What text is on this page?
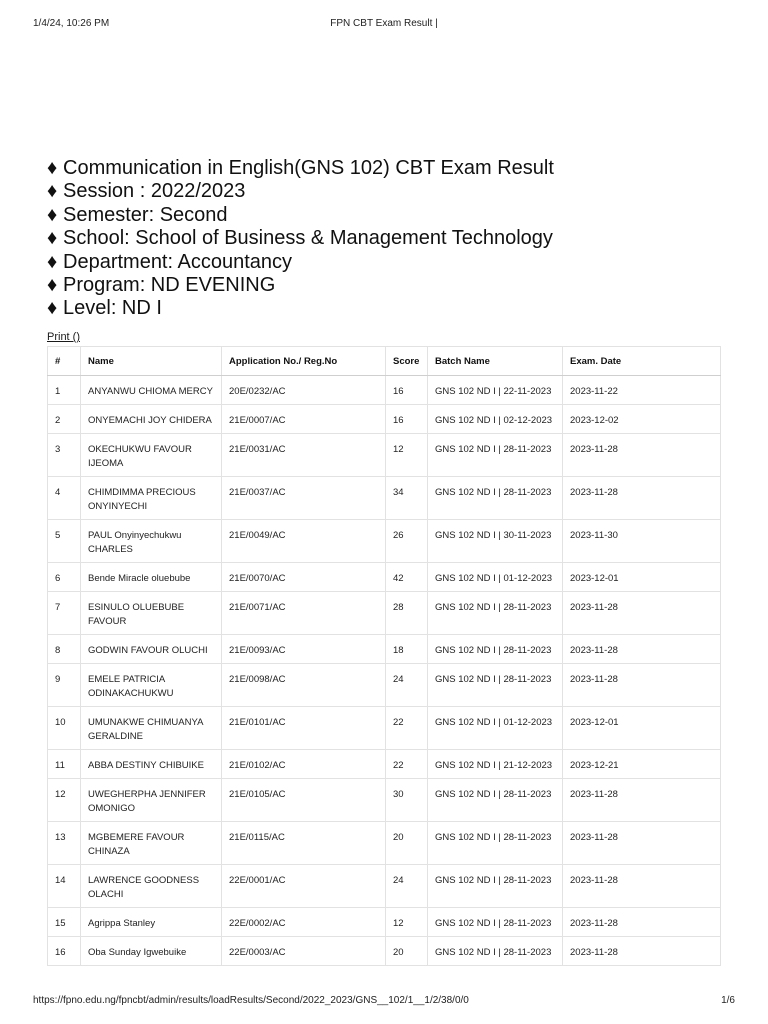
1/4/24, 10:26 PM	FPN CBT Exam Result |
♦ Communication in English(GNS 102) CBT Exam Result
♦ Session : 2022/2023
♦ Semester: Second
♦ School: School of Business & Management Technology
♦ Department: Accountancy
♦ Program: ND EVENING
♦ Level: ND I
Print ()
#	Name	Application No./ Reg.No	Score	Batch Name	Exam. Date
1	ANYANWU CHIOMA MERCY	20E/0232/AC	16	GNS 102 ND I | 22-11-2023	2023-11-22
2	ONYEMACHI JOY CHIDERA	21E/0007/AC	16	GNS 102 ND I | 02-12-2023	2023-12-02
3	OKECHUKWU FAVOUR IJEOMA	21E/0031/AC	12	GNS 102 ND I | 28-11-2023	2023-11-28
4	CHIMDIMMA PRECIOUS ONYINYECHI	21E/0037/AC	34	GNS 102 ND I | 28-11-2023	2023-11-28
5	PAUL Onyinyechukwu CHARLES	21E/0049/AC	26	GNS 102 ND I | 30-11-2023	2023-11-30
6	Bende Miracle oluebube	21E/0070/AC	42	GNS 102 ND I | 01-12-2023	2023-12-01
7	ESINULO OLUEBUBE FAVOUR	21E/0071/AC	28	GNS 102 ND I | 28-11-2023	2023-11-28
8	GODWIN FAVOUR OLUCHI	21E/0093/AC	18	GNS 102 ND I | 28-11-2023	2023-11-28
9	EMELE PATRICIA ODINAKACHUKWU	21E/0098/AC	24	GNS 102 ND I | 28-11-2023	2023-11-28
10	UMUNAKWE CHIMUANYA GERALDINE	21E/0101/AC	22	GNS 102 ND I | 01-12-2023	2023-12-01
11	ABBA DESTINY CHIBUIKE	21E/0102/AC	22	GNS 102 ND I | 21-12-2023	2023-12-21
12	UWEGHERPHA JENNIFER OMONIGO	21E/0105/AC	30	GNS 102 ND I | 28-11-2023	2023-11-28
13	MGBEMERE FAVOUR CHINAZA	21E/0115/AC	20	GNS 102 ND I | 28-11-2023	2023-11-28
14	LAWRENCE GOODNESS OLACHI	22E/0001/AC	24	GNS 102 ND I | 28-11-2023	2023-11-28
15	Agrippa Stanley	22E/0002/AC	12	GNS 102 ND I | 28-11-2023	2023-11-28
16	Oba Sunday Igwebuike	22E/0003/AC	20	GNS 102 ND I | 28-11-2023	2023-11-28
https://fpno.edu.ng/fpncbt/admin/results/loadResults/Second/2022_2023/GNS__102/1__1/2/38/0/0	1/6
